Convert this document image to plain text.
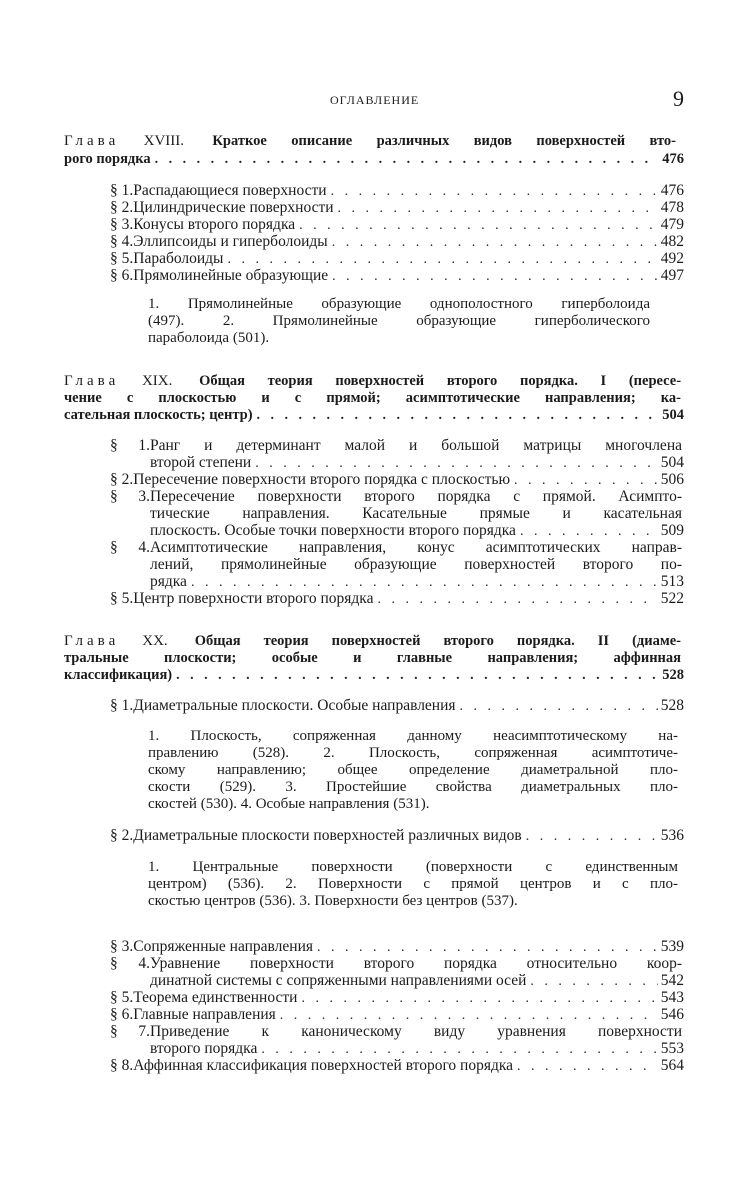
ОГЛАВЛЕНИЕ	9
Глава XVIII. Краткое описание различных видов поверхностей вто-
рого порядка . . .	476
§ 1. Распадающиеся поверхности . . .	476
§ 2. Цилиндрические поверхности . . .	478
§ 3. Конусы второго порядка . . .	479
§ 4. Эллипсоиды и гиперболоиды . . .	482
§ 5. Параболоиды . . .	492
§ 6. Прямолинейные образующие . . .	497
1. Прямолинейные образующие однополостного гиперболоида
(497). 2. Прямолинейные образующие гиперболического
параболоида (501).
Глава XIX. Общая теория поверхностей второго порядка. I (пересе-
чение с плоскостью и с прямой; асимптотические направления; ка-
сательная плоскость; центр) . . .	504
§ 1.Ранг и детерминант малой и большой матрицы многочлена
второй степени . . .	504
§ 2. Пересечение поверхности второго порядка с плоскостью . . .	506
§ 3.Пересечение поверхности второго порядка с прямой. Асимпто-
тические направления. Касательные прямые и касательная
плоскость. Особые точки поверхности второго порядка . . .	509
§ 4.Асимптотические направления, конус асимптотических направ-
лений, прямолинейные образующие поверхностей второго по-
рядка . . .	513
§ 5. Центр поверхности второго порядка . . .	522
Глава XX. Общая теория поверхностей второго порядка. II (диаме-
тральные плоскости; особые и главные направления; аффинная
классификация) . . .	528
§ 1. Диаметральные плоскости. Особые направления . . .	528
1. Плоскость, сопряженная данному неасимптотическому на-
правлению (528). 2. Плоскость, сопряженная асимптотиче-
скому направлению; общее определение диаметральной пло-
скости (529). 3. Простейшие свойства диаметральных пло-
скостей (530). 4. Особые направления (531).
§ 2. Диаметральные плоскости поверхностей различных видов . . .	536
1. Центральные поверхности (поверхности с единственным
центром) (536). 2. Поверхности с прямой центров и с пло-
скостью центров (536). 3. Поверхности без центров (537).
§ 3. Сопряженные направления . . .	539
§ 4.Уравнение поверхности второго порядка относительно коор-
динатной системы с сопряженными направлениями осей . . .	542
§ 5. Теорема единственности . . .	543
§ 6. Главные направления . . .	546
§ 7.Приведение к каноническому виду уравнения поверхности
второго порядка . . .	553
§ 8. Аффинная классификация поверхностей второго порядка . . .	564
